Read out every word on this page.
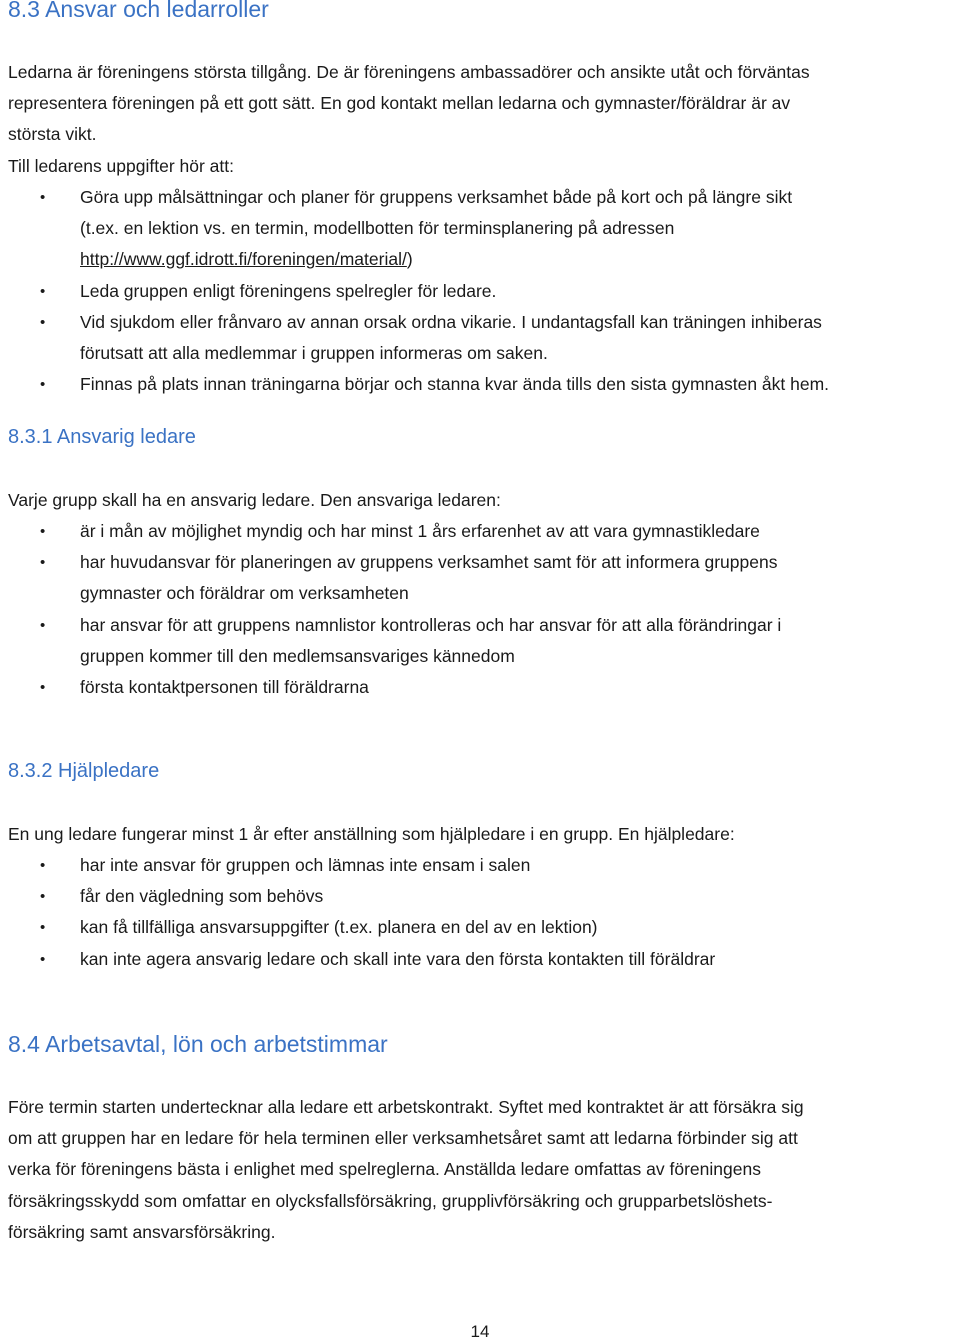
8.3 Ansvar och ledarroller
Ledarna är föreningens största tillgång. De är föreningens ambassadörer och ansikte utåt och förväntas
representera föreningen på ett gott sätt. En god kontakt mellan ledarna och gymnaster/föräldrar är av
största vikt.
Till ledarens uppgifter hör att:
• Göra upp målsättningar och planer för gruppens verksamhet både på kort och på längre sikt
(t.ex. en lektion vs. en termin, modellbotten för terminsplanering på adressen
http://www.ggf.idrott.fi/foreningen/material/)
• Leda gruppen enligt föreningens spelregler för ledare.
• Vid sjukdom eller frånvaro av annan orsak ordna vikarie. I undantagsfall kan träningen inhiberas
förutsatt att alla medlemmar i gruppen informeras om saken.
• Finnas på plats innan träningarna börjar och stanna kvar ända tills den sista gymnasten åkt hem.
8.3.1 Ansvarig ledare
Varje grupp skall ha en ansvarig ledare. Den ansvariga ledaren:
• är i mån av möjlighet myndig och har minst 1 års erfarenhet av att vara gymnastikledare
• har huvudansvar för planeringen av gruppens verksamhet samt för att informera gruppens
gymnaster och föräldrar om verksamheten
• har ansvar för att gruppens namnlistor kontrolleras och har ansvar för att alla förändringar i
gruppen kommer till den medlemsansvariges kännedom
• första kontaktpersonen till föräldrarna
8.3.2 Hjälpledare
En ung ledare fungerar minst 1 år efter anställning som hjälpledare i en grupp. En hjälpledare:
• har inte ansvar för gruppen och lämnas inte ensam i salen
• får den vägledning som behövs
• kan få tillfälliga ansvarsuppgifter (t.ex. planera en del av en lektion)
• kan inte agera ansvarig ledare och skall inte vara den första kontakten till föräldrar
8.4 Arbetsavtal, lön och arbetstimmar
Före termin starten undertecknar alla ledare ett arbetskontrakt. Syftet med kontraktet är att försäkra sig
om att gruppen har en ledare för hela terminen eller verksamhetsåret samt att ledarna förbinder sig att
verka för föreningens bästa i enlighet med spelreglerna. Anställda ledare omfattas av föreningens
försäkringsskydd som omfattar en olycksfallsförsäkring, grupplivförsäkring och grupparbetslöshets-
försäkring samt ansvarsförsäkring.
14
